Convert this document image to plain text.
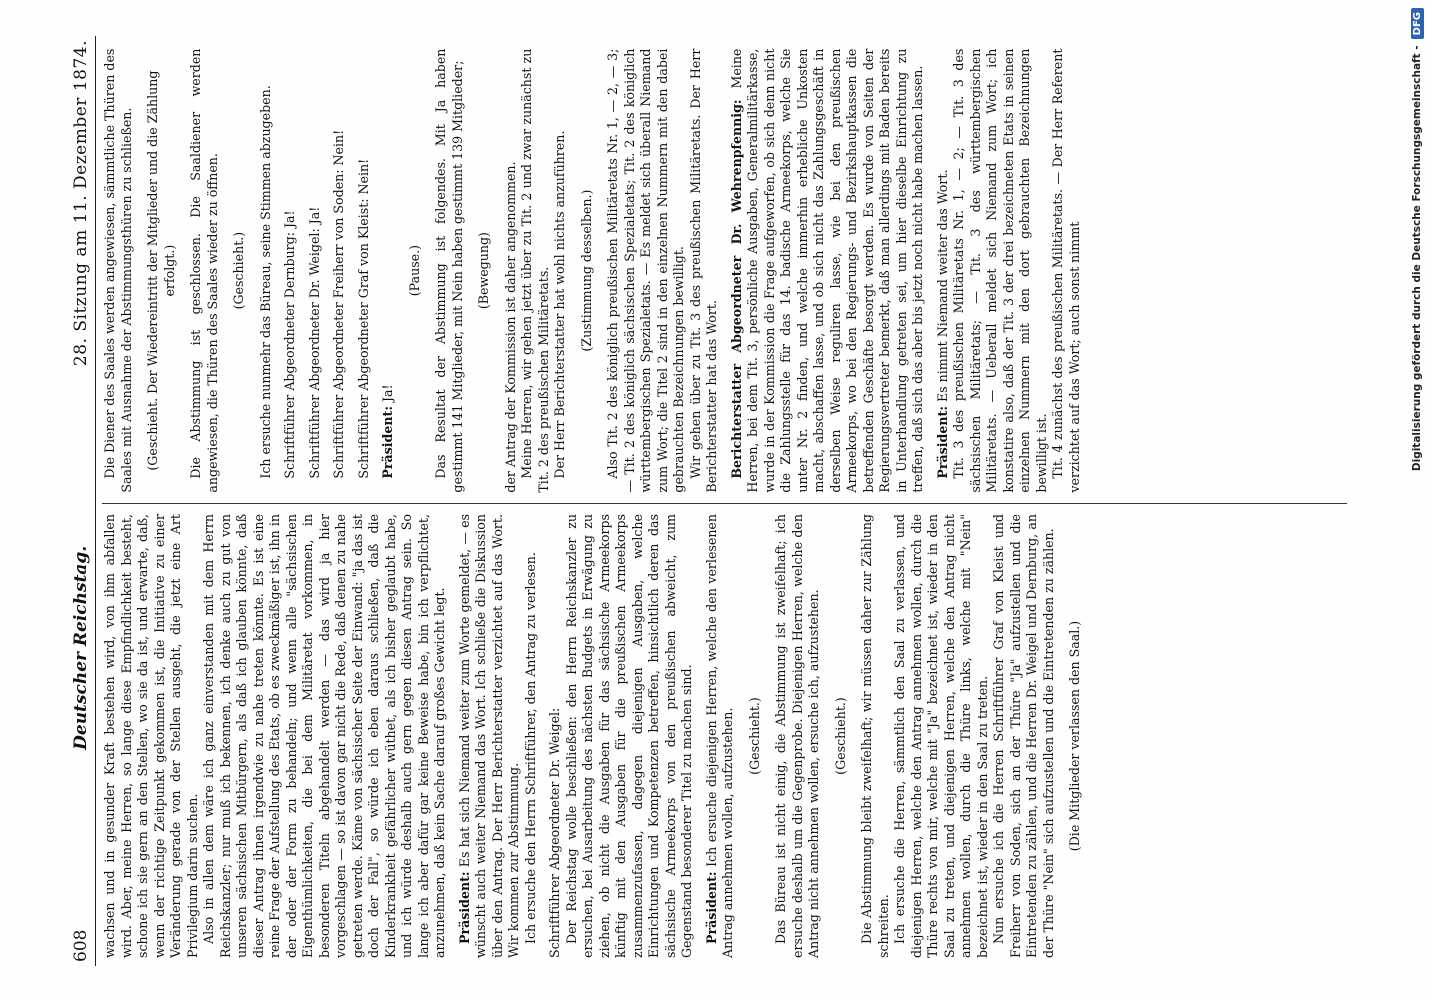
608
Deutscher Reichstag.
28. Sitzung am 11. Dezember 1874.

wachsen und in gesunder Kraft bestehen wird, von ihm abfallen wird. Aber, meine Herren, so lange diese Empfindlichkeit besteht, schone ich sie gern an den Stellen, wo sie da ist, und erwarte, daß, wenn der richtige Zeitpunkt gekommen ist, die Initiative zu einer Veränderung gerade von der Stellen ausgeht, die jetzt eine Art Privilegium darin suchen. Also in allen dem wäre ich ganz einverstanden mit dem Herrn Reichskanzler; nur muß ich bekennen, ich denke auch zu gut von unseren sächsischen Mitbürgern, als daß ich glauben könnte, daß dieser Antrag ihnen irgendwie zu nahe treten könnte. Es ist eine reine Frage der Aufstellung des Etats, ob es zweckmäßiger ist, ihn in der oder der Form zu behandeln; und wenn alle "sächsischen Eigenthümlichkeiten, die bei dem Militäretat vorkommen, in besonderen Titeln abgehandelt werden — das wird ja hier vorgeschlagen — so ist davon gar nicht die Rede, daß denen zu nahe getreten werde. Käme von sächsischer Seite der Einwand: "ja das ist doch der Fall", so würde ich eben daraus schließen, daß die Kinderkrankheit gefährlicher wüthet, als ich bisher geglaubt habe, und ich würde deshalb auch gern gegen diesen Antrag sein. So lange ich aber dafür gar keine Beweise habe, bin ich verpflichtet, anzunehmen, daß kein Sache darauf großes Gewicht legt. Präsident: Es hat sich Niemand weiter zum Worte gemeldet, — es wünscht auch weiter Niemand das Wort. Ich schließe die Diskussion über den Antrag. Der Herr Berichterstatter verzichtet auf das Wort. Wir kommen zur Abstimmung. Ich ersuche den Herrn Schriftführer, den Antrag zu verlesen. Schriftführer Abgeordneter Dr. Weigel: Der Reichstag wolle beschließen: den Herrn Reichskanzler zu ersuchen, bei Ausarbeitung des nächsten Budgets in Erwägung zu ziehen, ob nicht die Ausgaben für das sächsische Armeekorps künftig mit den Ausgaben für die preußischen Armeekorps zusammenzufassen, dagegen diejenigen Ausgaben, welche Einrichtungen und Kompetenzen betreffen, hinsichtlich deren das sächsische Armeekorps von den preußischen abweicht, zum Gegenstand besonderer Titel zu machen sind. Präsident: Ich ersuche diejenigen Herren, welche den verlesenen Antrag annehmen wollen, aufzustehen. (Geschieht.) Das Büreau ist nicht einig, die Abstimmung ist zweifelhaft; ich ersuche deshalb um die Gegenprobe. Diejenigen Herren, welche den Antrag nicht annehmen wollen, ersuche ich, aufzustehen. (Geschieht.) Die Abstimmung bleibt zweifelhaft; wir müssen daher zur Zählung schreiten. Ich ersuche die Herren, sämmtlich den Saal zu verlassen, und diejenigen Herren, welche den Antrag annehmen wollen, durch die Thüre rechts von mir, welche mit "Ja" bezeichnet ist, wieder in den Saal zu treten, und diejenigen Herren, welche den Antrag nicht annehmen wollen, durch die Thüre links, welche mit "Nein" bezeichnet ist, wieder in den Saal zu treten. Nun ersuche ich die Herren Schriftführer Graf von Kleist und Freiherr von Soden, sich an der Thüre "Ja" aufzustellen und die Eintretenden zu zählen, und die Herren Dr. Weigel und Dernburg, an der Thüre "Nein" sich aufzustellen und die Eintretenden zu zählen. (Die Mitglieder verlassen den Saal.)

Die Diener des Saales werden angewiesen, sämmtliche Thüren des Saales mit Ausnahme der Abstimmungsthüren zu schließen. (Geschieht. Der Wiedereintritt der Mitglieder und die Zählung erfolgt.) Die Abstimmung ist geschlossen. Die Saaldiener werden angewiesen, die Thüren des Saales wieder zu öffnen. (Geschieht.) Ich ersuche nunmehr das Büreau, seine Stimmen abzugeben. Schriftführer Abgeordneter Dernburg: Ja! Schriftführer Abgeordneter Dr. Weigel: Ja! Schriftführer Abgeordneter Freiherr von Soden: Nein! Schriftführer Abgeordneter Graf von Kleist: Nein! Präsident: Ja!

(Pause.) Das Resultat der Abstimmung ist folgendes. Mit Ja haben gestimmt 141 Mitglieder, mit Nein haben gestimmt 139 Mitglieder; (Bewegung) der Antrag der Kommission ist daher angenommen. Meine Herren, wir gehen jetzt über zu Tit. 2 und zwar zunächst zu Tit. 2 des preußischen Militäretats. Der Herr Berichterstatter hat wohl nichts anzuführen. (Zustimmung desselben.) Also Tit. 2 des königlich preußischen Militäretats Nr. 1, — 2, — 3; — Tit. 2 des königlich sächsischen Spezialetats; Tit. 2 des königlich württembergischen Spezialetats. — Es meldet sich überall Niemand zum Wort; die Titel 2 sind in den einzelnen Nummern mit den dabei gebrauchten Bezeichnungen bewilligt. Wir gehen über zu Tit. 3 des preußischen Militäretats. Der Herr Berichterstatter hat das Wort. Berichterstatter Abgeordneter Dr. Wehrenpfennig: Meine Herren, bei dem Tit. 3, persönliche Ausgaben, Generalmilitärkasse, wurde in der Kommission die Frage aufgeworfen, ob sich denn nicht die Zahlungsstelle für das 14. badische Armeekorps, welche Sie unter Nr. 2 finden, und welche immerhin erhebliche Unkosten macht, abschaffen lasse, und ob sich nicht das Zahlungsgeschäft in derselben Weise reguliren lasse, wie bei den preußischen Armeekorps, wo bei den Regierungs- und Bezirkshauptkassen die betreffenden Geschäfte besorgt werden. Es wurde von Seiten der Regierungsvertreter bemerkt, daß man allerdings mit Baden bereits in Unterhandlung getreten sei, um hier dieselbe Einrichtung zu treffen, daß sich das aber bis jetzt noch nicht habe machen lassen. Präsident: Es nimmt Niemand weiter das Wort. Tit. 3 des preußischen Militäretats Nr. 1, — 2; — Tit. 3 des sächsischen Militäretats; — Tit. 3 des württembergischen Militäretats. — Ueberall meldet sich Niemand zum Wort; ich konstatire also, daß der Tit. 3 der drei bezeichneten Etats in seinen einzelnen Nummern mit den dort gebrauchten Bezeichnungen bewilligt ist. Tit. 4 zunächst des preußischen Militäretats. — Der Herr Referent verzichtet auf das Wort; auch sonst nimmt	Digitalisierung gefördert durch die Deutsche Forschungsgemeinschaft -
DFG
